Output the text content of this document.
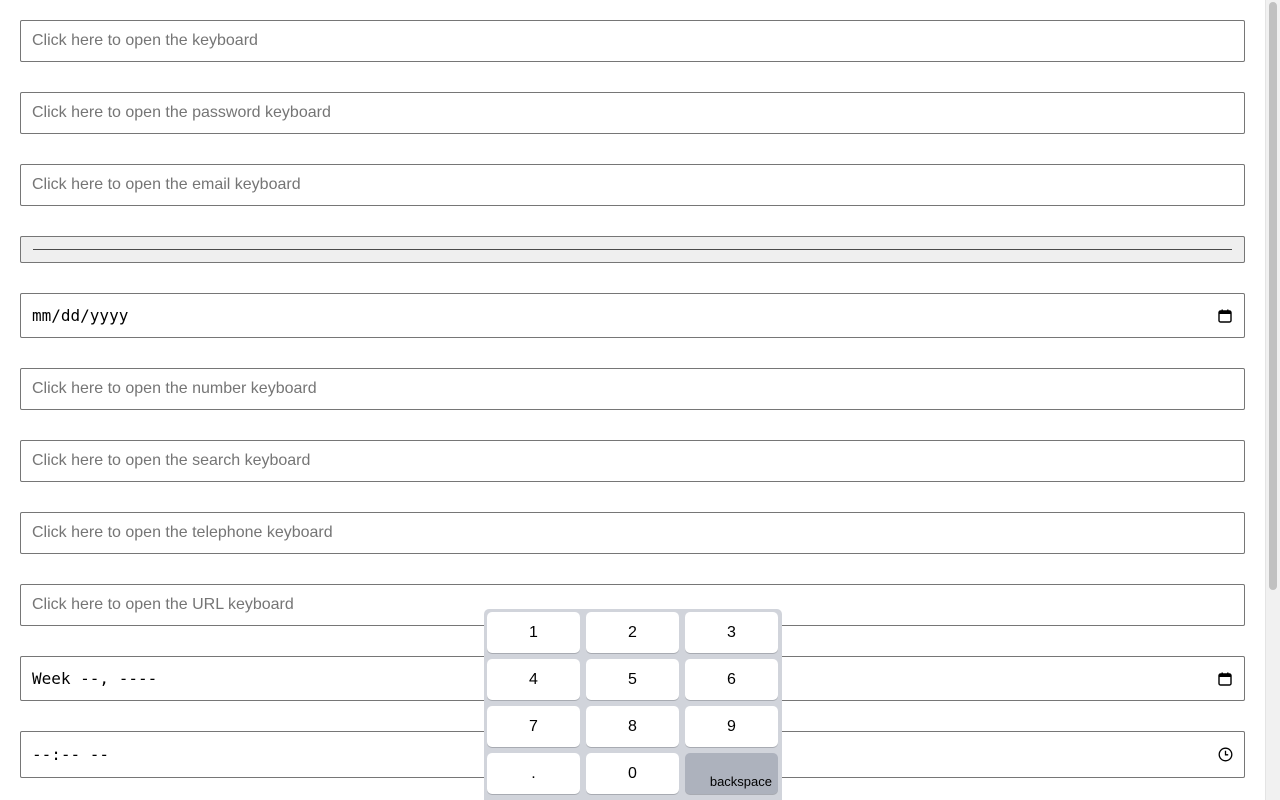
Click here to open the keyboard
Click here to open the password keyboard
Click here to open the email keyboard
mm/dd/yyyy
Click here to open the number keyboard
Click here to open the search keyboard
Click here to open the telephone keyboard
Click here to open the URL keyboard
Week --, ----
--:-- --
1	2	3
4	5	6
7	8	9
.	0	backspace
